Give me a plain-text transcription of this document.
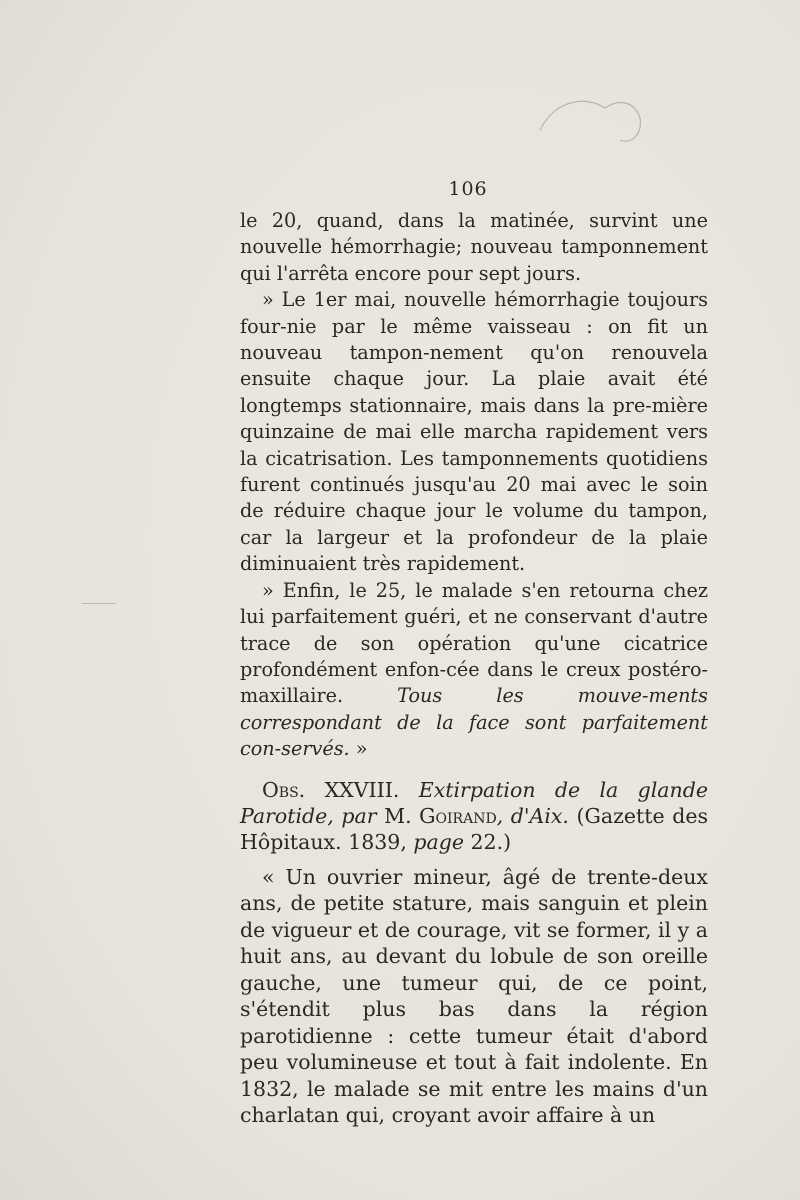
106

le 20, quand, dans la matinée, survint une nouvelle hémorrhagie; nouveau tamponnement qui l'arrêta encore pour sept jours.

» Le 1er mai, nouvelle hémorrhagie toujours four-nie par le même vaisseau : on fit un nouveau tampon-nement qu'on renouvela ensuite chaque jour. La plaie avait été longtemps stationnaire, mais dans la pre-mière quinzaine de mai elle marcha rapidement vers la cicatrisation. Les tamponnements quotidiens furent continués jusqu'au 20 mai avec le soin de réduire chaque jour le volume du tampon, car la largeur et la profondeur de la plaie diminuaient très rapidement.

» Enfin, le 25, le malade s'en retourna chez lui parfaitement guéri, et ne conservant d'autre trace de son opération qu'une cicatrice profondément enfon-cée dans le creux postéro-maxillaire. Tous les mouve-ments correspondant de la face sont parfaitement con-servés. »

Obs. XXVIII. Extirpation de la glande Parotide, par M. Goirand, d'Aix. (Gazette des Hôpitaux. 1839, page 22.)

« Un ouvrier mineur, âgé de trente-deux ans, de petite stature, mais sanguin et plein de vigueur et de courage, vit se former, il y a huit ans, au devant du lobule de son oreille gauche, une tumeur qui, de ce point, s'étendit plus bas dans la région parotidienne : cette tumeur était d'abord peu volumineuse et tout à fait indolente. En 1832, le malade se mit entre les mains d'un charlatan qui, croyant avoir affaire à un
